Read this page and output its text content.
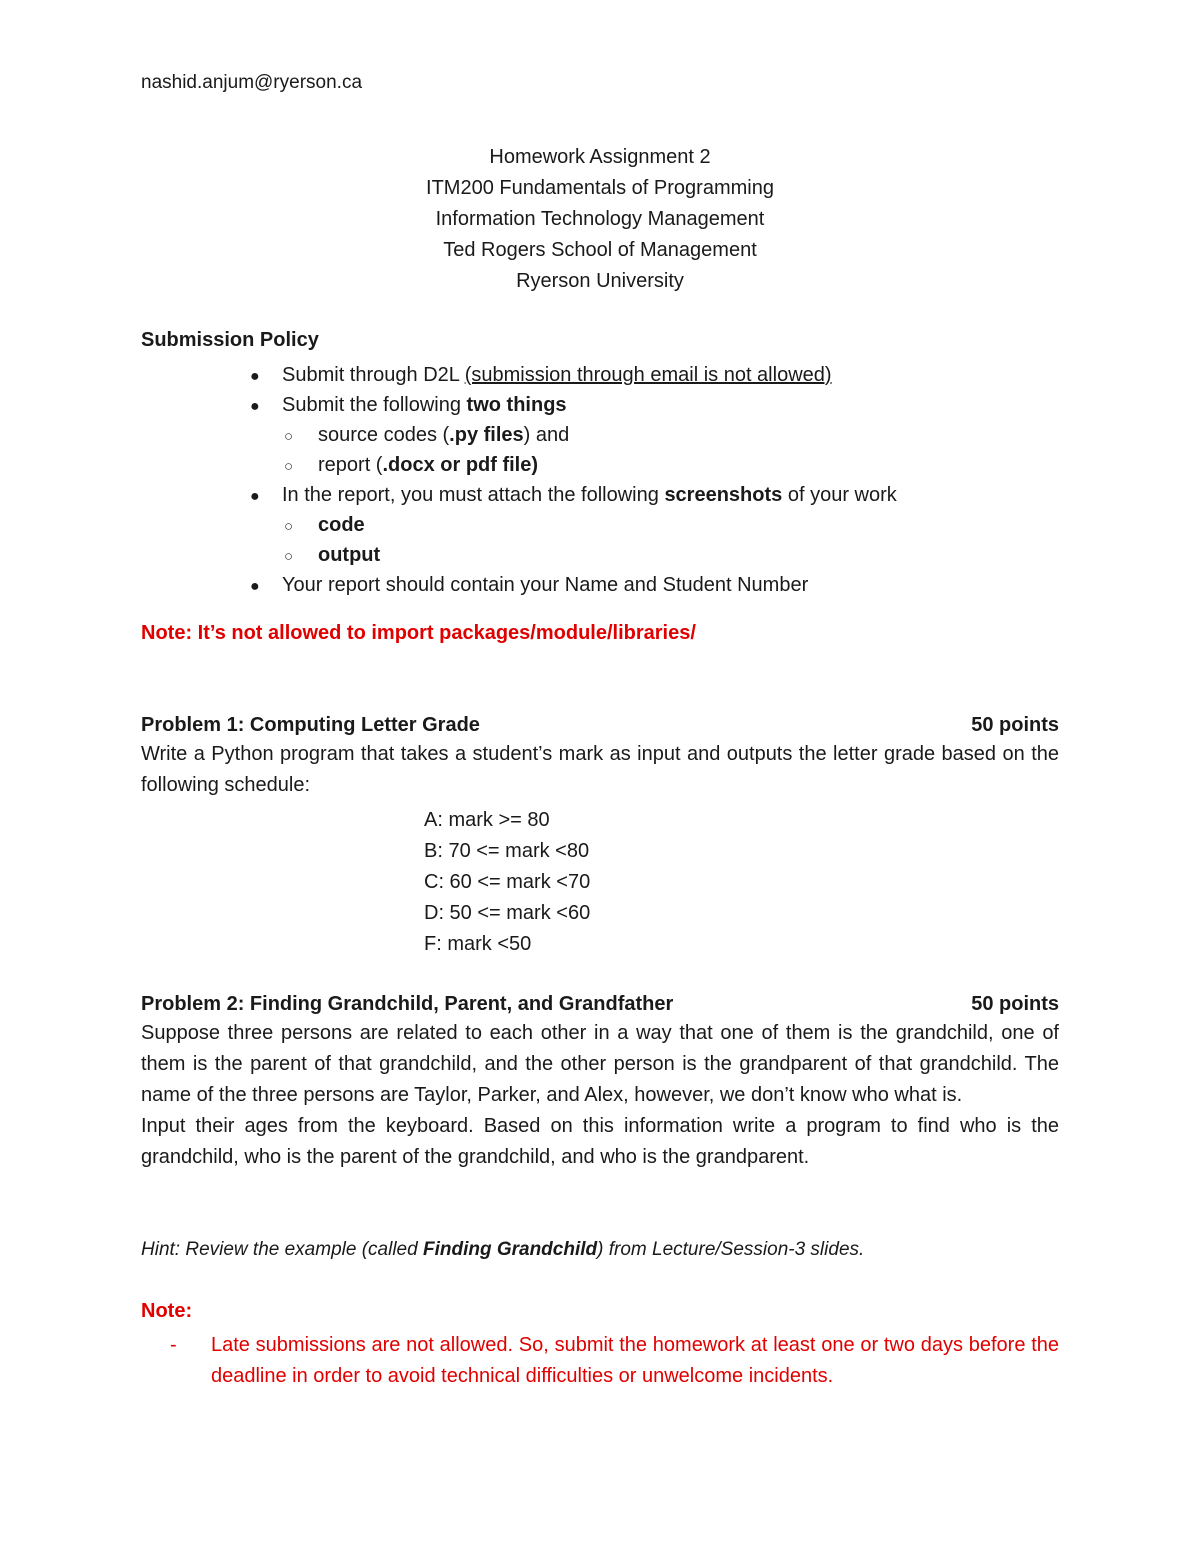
nashid.anjum@ryerson.ca
Homework Assignment 2
ITM200 Fundamentals of Programming
Information Technology Management
Ted Rogers School of Management
Ryerson University
Submission Policy
●	Submit through D2L (submission through email is not allowed)
●	Submit the following two things
○	source codes (.py files) and
○	report (.docx or pdf file)
●	In the report, you must attach the following screenshots of your work
○	code
○	output
●	Your report should contain your Name and Student Number
Note: It’s not allowed to import packages/module/libraries/
Problem 1: Computing Letter Grade	50 points
Write a Python program that takes a student’s mark as input and outputs the letter grade based on the following schedule:
A: mark >= 80
B: 70 <= mark <80
C: 60 <= mark <70
D: 50 <= mark <60
F: mark <50
Problem 2: Finding Grandchild, Parent, and Grandfather	50 points
Suppose three persons are related to each other in a way that one of them is the grandchild, one of them is the parent of that grandchild, and the other person is the grandparent of that grandchild. The name of the three persons are Taylor, Parker, and Alex, however, we don’t know who what is.
Input their ages from the keyboard. Based on this information write a program to find who is the grandchild, who is the parent of the grandchild, and who is the grandparent.
Hint: Review the example (called Finding Grandchild) from Lecture/Session-3 slides.
Note:
-	Late submissions are not allowed. So, submit the homework at least one or two days before the deadline in order to avoid technical difficulties or unwelcome incidents.
